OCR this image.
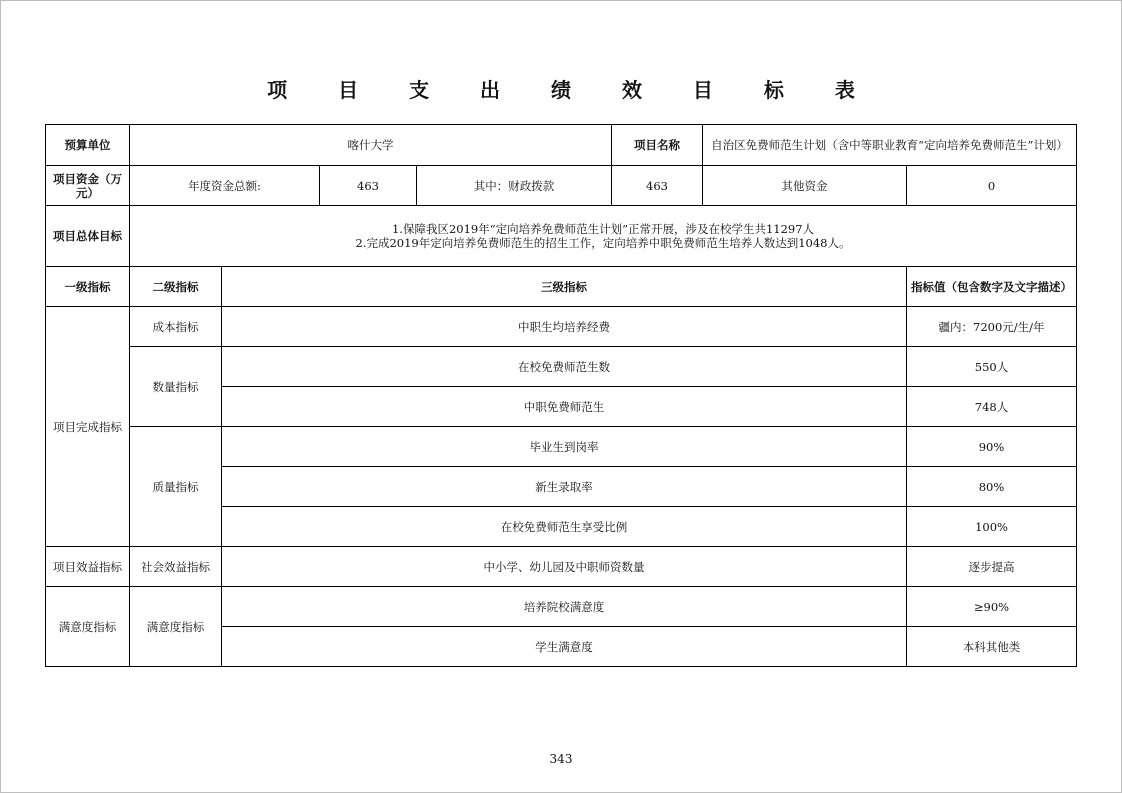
项 目 支 出 绩 效 目 标 表
预算单位	喀什大学				项目名称	自治区免费师范生计划（含中等职业教育“定向培养免费师范生”计划）	
项目资金（万元）	年度资金总额:		463	其中：财政拨款	463	其他资金	0
项目总体目标	1.保障我区2019年“定向培养免费师范生计划”正常开展，涉及在校学生共11297人
2.完成2019年定向培养免费师范生的招生工作，定向培养中职免费师范生培养人数达到1048人。						

一级指标	二级指标	三级指标					指标值（包含数字及文字描述）
项目完成指标	成本指标	中职生均培养经费					疆内：7200元/生/年
	数量指标	在校免费师范生数					550人
		中职免费师范生					748人
	质量指标	毕业生到岗率					90%
		新生录取率					80%
		在校免费师范生享受比例					100%
项目效益指标	社会效益指标	中小学、幼儿园及中职师资数量					逐步提高
满意度指标	满意度指标	培养院校满意度					≥90%
		学生满意度					本科其他类
343
